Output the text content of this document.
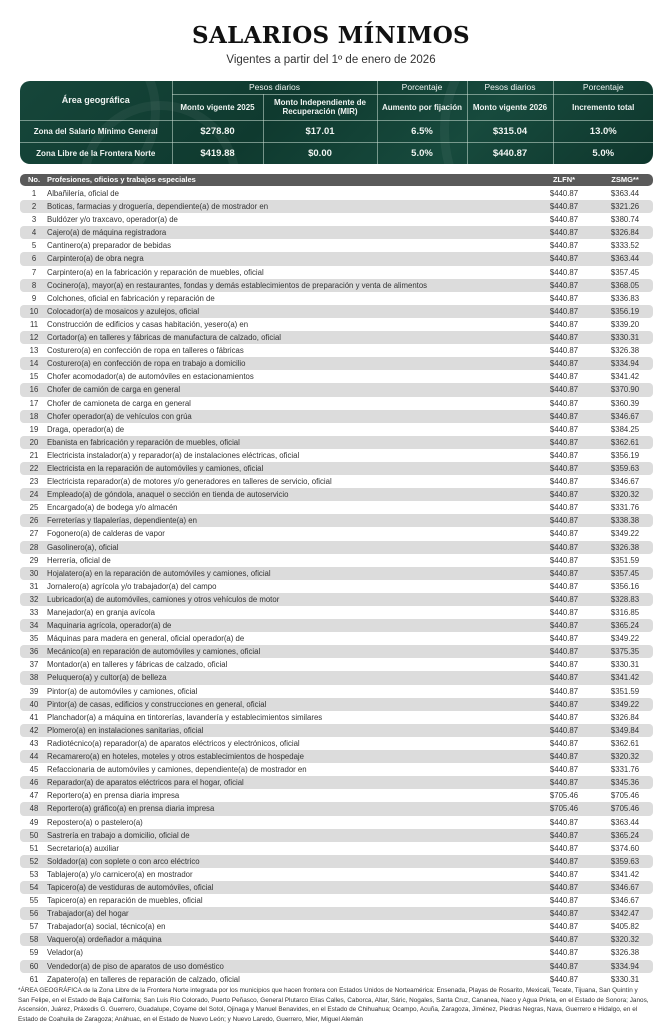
SALARIOS MÍNIMOS
Vigentes a partir del 1º de enero de 2026
Área geográfica	Pesos diarios		Porcentaje	Pesos diarios	Porcentaje
	Monto vigente 2025	Monto Independiente de Recuperación (MIR)	Aumento por fijación	Monto vigente 2026	Incremento total
Zona del Salario Mínimo General	$278.80	$17.01	6.5%	$315.04	13.0%
Zona Libre de la Frontera Norte	$419.88	$0.00	5.0%	$440.87	5.0%
No. Profesiones, oficios y trabajos especiales	ZLFN*	ZSMG**
1	Albañilería, oficial de	$440.87	$363.44
2	Boticas, farmacias y droguería, dependiente(a) de mostrador en	$440.87	$321.26
3	Buldózer y/o traxcavo, operador(a) de	$440.87	$380.74
4	Cajero(a) de máquina registradora	$440.87	$326.84
5	Cantinero(a) preparador de bebidas	$440.87	$333.52
6	Carpintero(a) de obra negra	$440.87	$363.44
7	Carpintero(a) en la fabricación y reparación de muebles, oficial	$440.87	$357.45
8	Cocinero(a), mayor(a) en restaurantes, fondas y demás establecimientos de preparación y venta de alimentos	$440.87	$368.05
9	Colchones, oficial en fabricación y reparación de	$440.87	$336.83
10	Colocador(a) de mosaicos y azulejos, oficial	$440.87	$356.19
11	Construcción de edificios y casas habitación, yesero(a) en	$440.87	$339.20
12	Cortador(a) en talleres y fábricas de manufactura de calzado, oficial	$440.87	$330.31
13	Costurero(a) en confección de ropa en talleres o fábricas	$440.87	$326.38
14	Costurero(a) en confección de ropa en trabajo a domicilio	$440.87	$334.94
15	Chofer acomodador(a) de automóviles en estacionamientos	$440.87	$341.42
16	Chofer de camión de carga en general	$440.87	$370.90
17	Chofer de camioneta de carga en general	$440.87	$360.39
18	Chofer operador(a) de vehículos con grúa	$440.87	$346.67
19	Draga, operador(a) de	$440.87	$384.25
20	Ebanista en fabricación y reparación de muebles, oficial	$440.87	$362.61
21	Electricista instalador(a) y reparador(a) de instalaciones eléctricas, oficial	$440.87	$356.19
22	Electricista en la reparación de automóviles y camiones, oficial	$440.87	$359.63
23	Electricista reparador(a) de motores y/o generadores en talleres de servicio, oficial	$440.87	$346.67
24	Empleado(a) de góndola, anaquel o sección en tienda de autoservicio	$440.87	$320.32
25	Encargado(a) de bodega y/o almacén	$440.87	$331.76
26	Ferreterías y tlapalerías, dependiente(a) en	$440.87	$338.38
27	Fogonero(a) de calderas de vapor	$440.87	$349.22
28	Gasolinero(a), oficial	$440.87	$326.38
29	Herrería, oficial de	$440.87	$351.59
30	Hojalatero(a) en la reparación de automóviles y camiones, oficial	$440.87	$357.45
31	Jornalero(a) agrícola y/o trabajador(a) del campo	$440.87	$356.16
32	Lubricador(a) de automóviles, camiones y otros vehículos de motor	$440.87	$328.83
33	Manejador(a) en granja avícola	$440.87	$316.85
34	Maquinaria agrícola, operador(a) de	$440.87	$365.24
35	Máquinas para madera en general, oficial operador(a) de	$440.87	$349.22
36	Mecánico(a) en reparación de automóviles y camiones, oficial	$440.87	$375.35
37	Montador(a) en talleres y fábricas de calzado, oficial	$440.87	$330.31
38	Peluquero(a) y cultor(a) de belleza	$440.87	$341.42
39	Pintor(a) de automóviles y camiones, oficial	$440.87	$351.59
40	Pintor(a) de casas, edificios y construcciones en general, oficial	$440.87	$349.22
41	Planchador(a) a máquina en tintorerías, lavandería y establecimientos similares	$440.87	$326.84
42	Plomero(a) en instalaciones sanitarias, oficial	$440.87	$349.84
43	Radiotécnico(a) reparador(a) de aparatos eléctricos y electrónicos, oficial	$440.87	$362.61
44	Recamarero(a) en hoteles, moteles y otros establecimientos de hospedaje	$440.87	$320.32
45	Refaccionaria de automóviles y camiones, dependiente(a) de mostrador en	$440.87	$331.76
46	Reparador(a) de aparatos eléctricos para el hogar, oficial	$440.87	$345.36
47	Reportero(a) en prensa diaria impresa	$705.46	$705.46
48	Reportero(a) gráfico(a) en prensa diaria impresa	$705.46	$705.46
49	Repostero(a) o pastelero(a)	$440.87	$363.44
50	Sastrería en trabajo a domicilio, oficial de	$440.87	$365.24
51	Secretario(a) auxiliar	$440.87	$374.60
52	Soldador(a) con soplete o con arco eléctrico	$440.87	$359.63
53	Tablajero(a) y/o carnicero(a) en mostrador	$440.87	$341.42
54	Tapicero(a) de vestiduras de automóviles, oficial	$440.87	$346.67
55	Tapicero(a) en reparación de muebles, oficial	$440.87	$346.67
56	Trabajador(a) del hogar	$440.87	$342.47
57	Trabajador(a) social, técnico(a) en	$440.87	$405.82
58	Vaquero(a) ordeñador a máquina	$440.87	$320.32
59	Velador(a)	$440.87	$326.38
60	Vendedor(a) de piso de aparatos de uso doméstico	$440.87	$334.94
61	Zapatero(a) en talleres de reparación de calzado, oficial	$440.87	$330.31
*ÁREA GEOGRÁFICA de la Zona Libre de la Frontera Norte integrada por los municipios que hacen frontera con Estados Unidos de Norteamérica: Ensenada, Playas de Rosarito, Mexicali, Tecate, Tijuana, San Quintín y San Felipe, en el Estado de Baja California; San Luis Río Colorado, Puerto Peñasco, General Plutarco Elías Calles, Caborca, Altar, Sáric, Nogales, Santa Cruz, Cananea, Naco y Agua Prieta, en el Estado de Sonora; Janos, Ascensión, Juárez, Práxedis G. Guerrero, Guadalupe, Coyame del Sotol, Ojinaga y Manuel Benavides, en el Estado de Chihuahua; Ocampo, Acuña, Zaragoza, Jiménez, Piedras Negras, Nava, Guerrero e Hidalgo, en el Estado de Coahuila de Zaragoza; Anáhuac, en el Estado de Nuevo León; y Nuevo Laredo, Guerrero, Mier, Miguel Alemán
